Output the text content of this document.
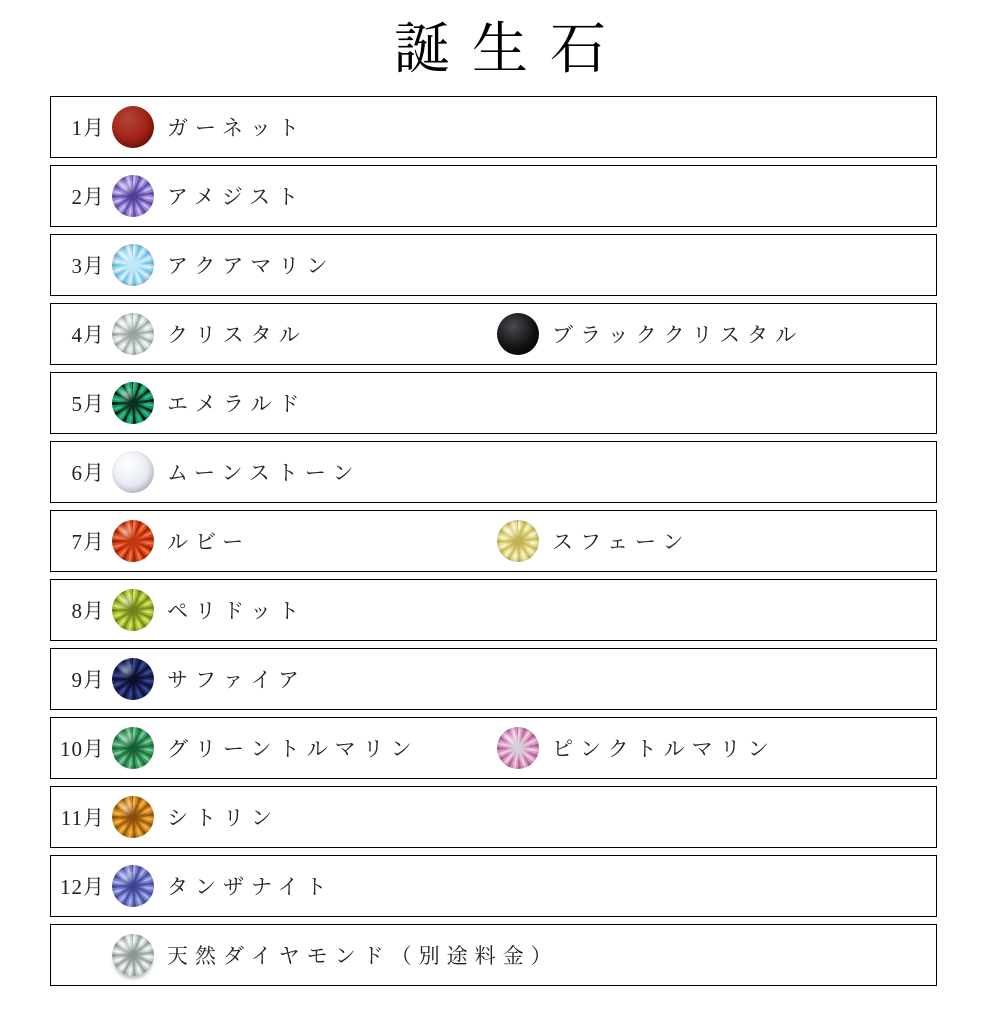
誕生石
1月	ガーネット
2月	アメジスト
3月	アクアマリン
4月	クリスタル	ブラッククリスタル
5月	エメラルド
6月	ムーンストーン
7月	ルビー	スフェーン
8月	ペリドット
9月	サファイア
10月	グリーントルマリン	ピンクトルマリン
11月	シトリン
12月	タンザナイト
天然ダイヤモンド（別途料金）
